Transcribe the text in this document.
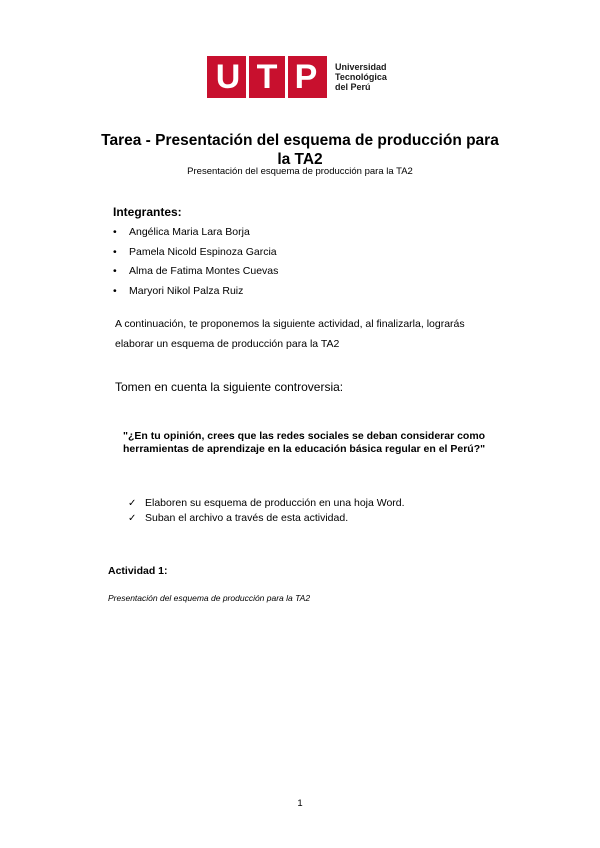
U T P	Universidad
Tecnológica
del Perú
Tarea - Presentación del esquema de producción para la TA2
Presentación del esquema de producción para la TA2
Integrantes:
•	Angélica Maria Lara Borja
•	Pamela Nicold Espinoza Garcia
•	Alma de Fatima Montes Cuevas
•	Maryori Nikol Palza Ruiz
A continuación, te proponemos la siguiente actividad, al finalizarla, lograrás elaborar un esquema de producción para la TA2
Tomen en cuenta la siguiente controversia:
"¿En tu opinión, crees que las redes sociales se deban considerar como herramientas de aprendizaje en la educación básica regular en el Perú?"
✓ Elaboren su esquema de producción en una hoja Word.
✓ Suban el archivo a través de esta actividad.
Actividad 1:
Presentación del esquema de producción para la TA2
1
